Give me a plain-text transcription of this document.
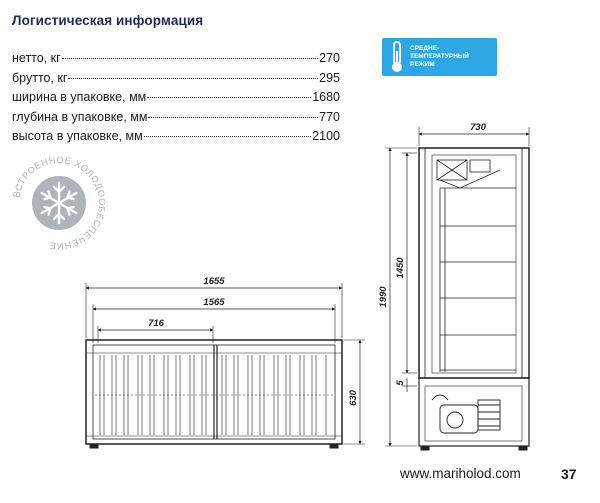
Логистическая информация
нетто, кг	270
брутто, кг	295
ширина в упаковке, мм	1680
глубина в упаковке, мм	770
высота в упаковке, мм	2100
СРЕДНЕ-
ТЕМПЕРАТУРНЫЙ
РЕЖИМ
ВСТРОЕННОЕ ХОЛОДООБЕСПЕЧЕНИЕ
1655
1565
716
630
730
1990
1450
5
www.mariholod.com	37
